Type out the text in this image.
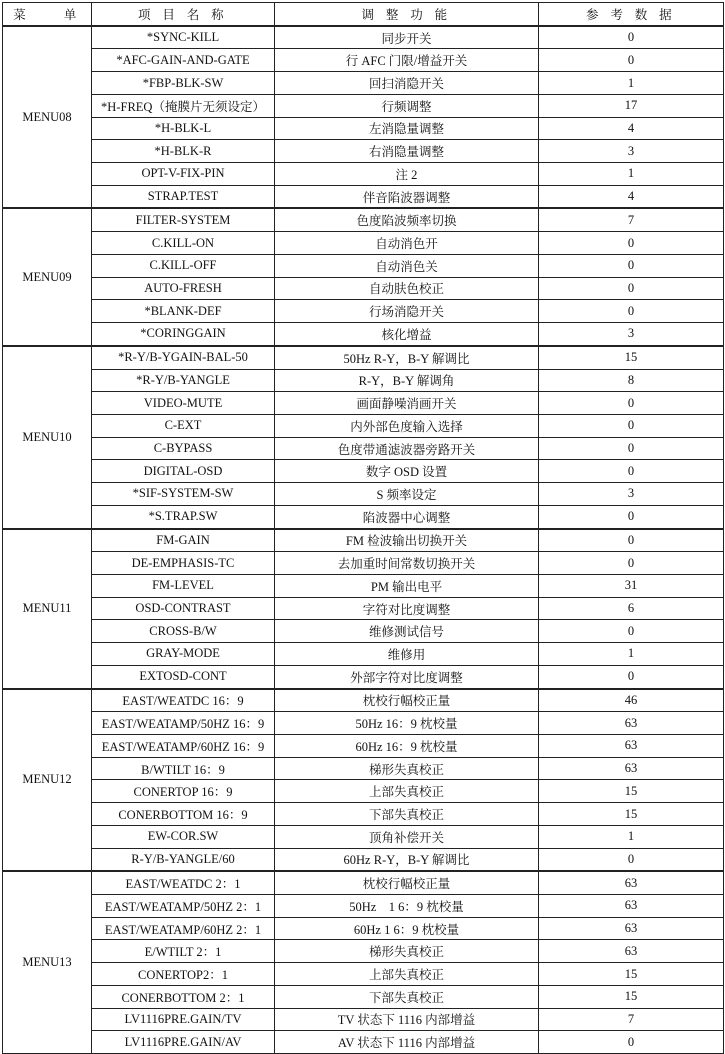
菜　　单	项 目 名 称	调 整 功 能	参 考 数 据
MENU08	*SYNC-KILL	同步开关	0
	*AFC-GAIN-AND-GATE	行 AFC 门限/增益开关	0
	*FBP-BLK-SW	回扫消隐开关	1
	*H-FREQ（掩膜片无须设定）	行频调整	17
	*H-BLK-L	左消隐量调整	4
	*H-BLK-R	右消隐量调整	3
	OPT-V-FIX-PIN	注 2	1
	STRAP.TEST	伴音陷波器调整	4
MENU09	FILTER-SYSTEM	色度陷波频率切换	7
	C.KILL-ON	自动消色开	0
	C.KILL-OFF	自动消色关	0
	AUTO-FRESH	自动肤色校正	0
	*BLANK-DEF	行场消隐开关	0
	*CORINGGAIN	核化增益	3
MENU10	*R-Y/B-YGAIN-BAL-50	50Hz R-Y，B-Y 解调比	15
	*R-Y/B-YANGLE	R-Y，B-Y 解调角	8
	VIDEO-MUTE	画面静噪消画开关	0
	C-EXT	内外部色度输入选择	0
	C-BYPASS	色度带通滤波器旁路开关	0
	DIGITAL-OSD	数字 OSD 设置	0
	*SIF-SYSTEM-SW	S 频率设定	3
	*S.TRAP.SW	陷波器中心调整	0
MENU11	FM-GAIN	FM 检波输出切换开关	0
	DE-EMPHASIS-TC	去加重时间常数切换开关	0
	FM-LEVEL	PM 输出电平	31
	OSD-CONTRAST	字符对比度调整	6
	CROSS-B/W	维修测试信号	0
	GRAY-MODE	维修用	1
	EXTOSD-CONT	外部字符对比度调整	0
MENU12	EAST/WEATDC 16：9	枕校行幅校正量	46
	EAST/WEATAMP/50HZ 16：9	50Hz 16：9 枕校量	63
	EAST/WEATAMP/60HZ 16：9	60Hz 16：9 枕校量	63
	B/WTILT 16：9	梯形失真校正	63
	CONERTOP 16：9	上部失真校正	15
	CONERBOTTOM 16：9	下部失真校正	15
	EW-COR.SW	顶角补偿开关	1
	R-Y/B-YANGLE/60	60Hz R-Y，B-Y 解调比	0
MENU13	EAST/WEATDC 2：1	枕校行幅校正量	63
	EAST/WEATAMP/50HZ 2：1	50Hz　1 6：9 枕校量	63
	EAST/WEATAMP/60HZ 2：1	60Hz 1 6：9 枕校量	63
	E/WTILT 2：1	梯形失真校正	63
	CONERTOP2：1	上部失真校正	15
	CONERBOTTOM 2：1	下部失真校正	15
	LV1116PRE.GAIN/TV	TV 状态下 1116 内部增益	7
	LV1116PRE.GAIN/AV	AV 状态下 1116 内部增益	0
